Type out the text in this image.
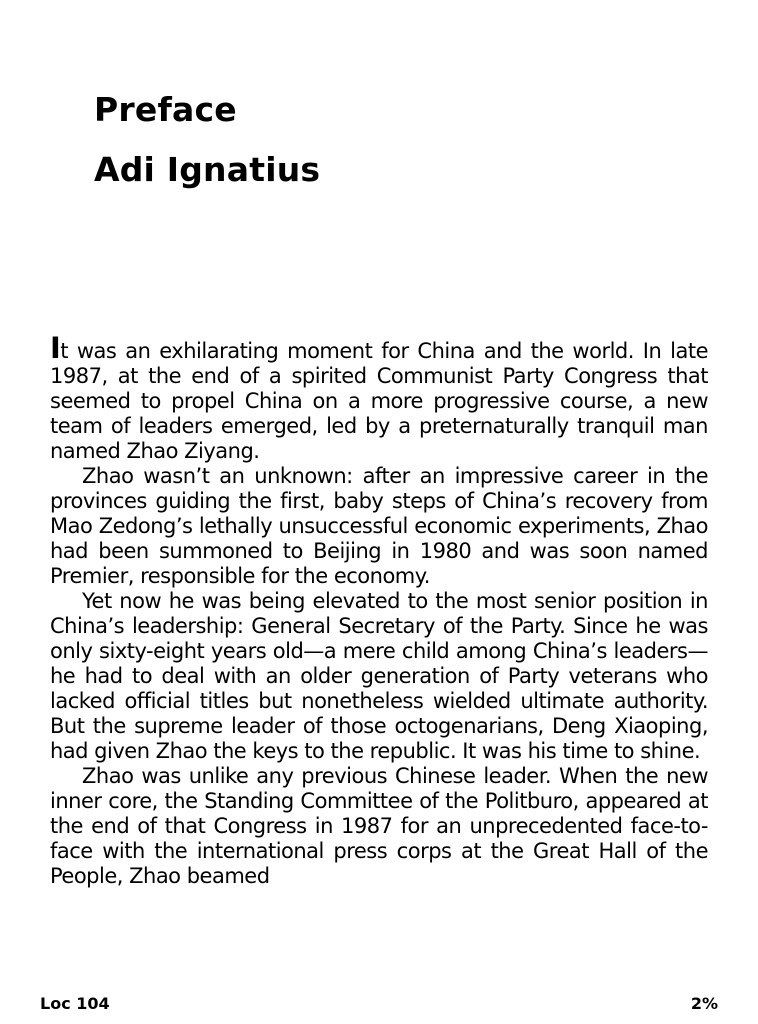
Preface
Adi Ignatius

It was an exhilarating moment for China and the world. In late 1987, at the end of a spirited Communist Party Congress that seemed to propel China on a more progressive course, a new team of leaders emerged, led by a preternaturally tranquil man named Zhao Ziyang.

Zhao wasn’t an unknown: after an impressive career in the provinces guiding the first, baby steps of China’s recovery from Mao Zedong’s lethally unsuccessful economic experiments, Zhao had been summoned to Beijing in 1980 and was soon named Premier, responsible for the economy.

Yet now he was being elevated to the most senior position in China’s leadership: General Secretary of the Party. Since he was only sixty-eight years old—a mere child among China’s leaders—he had to deal with an older generation of Party veterans who lacked official titles but nonetheless wielded ultimate authority. But the supreme leader of those octogenarians, Deng Xiaoping, had given Zhao the keys to the republic. It was his time to shine.

Zhao was unlike any previous Chinese leader. When the new inner core, the Standing Committee of the Politburo, appeared at the end of that Congress in 1987 for an unprecedented face-to-face with the international press corps at the Great Hall of the People, Zhao beamed

Loc 104	2%
